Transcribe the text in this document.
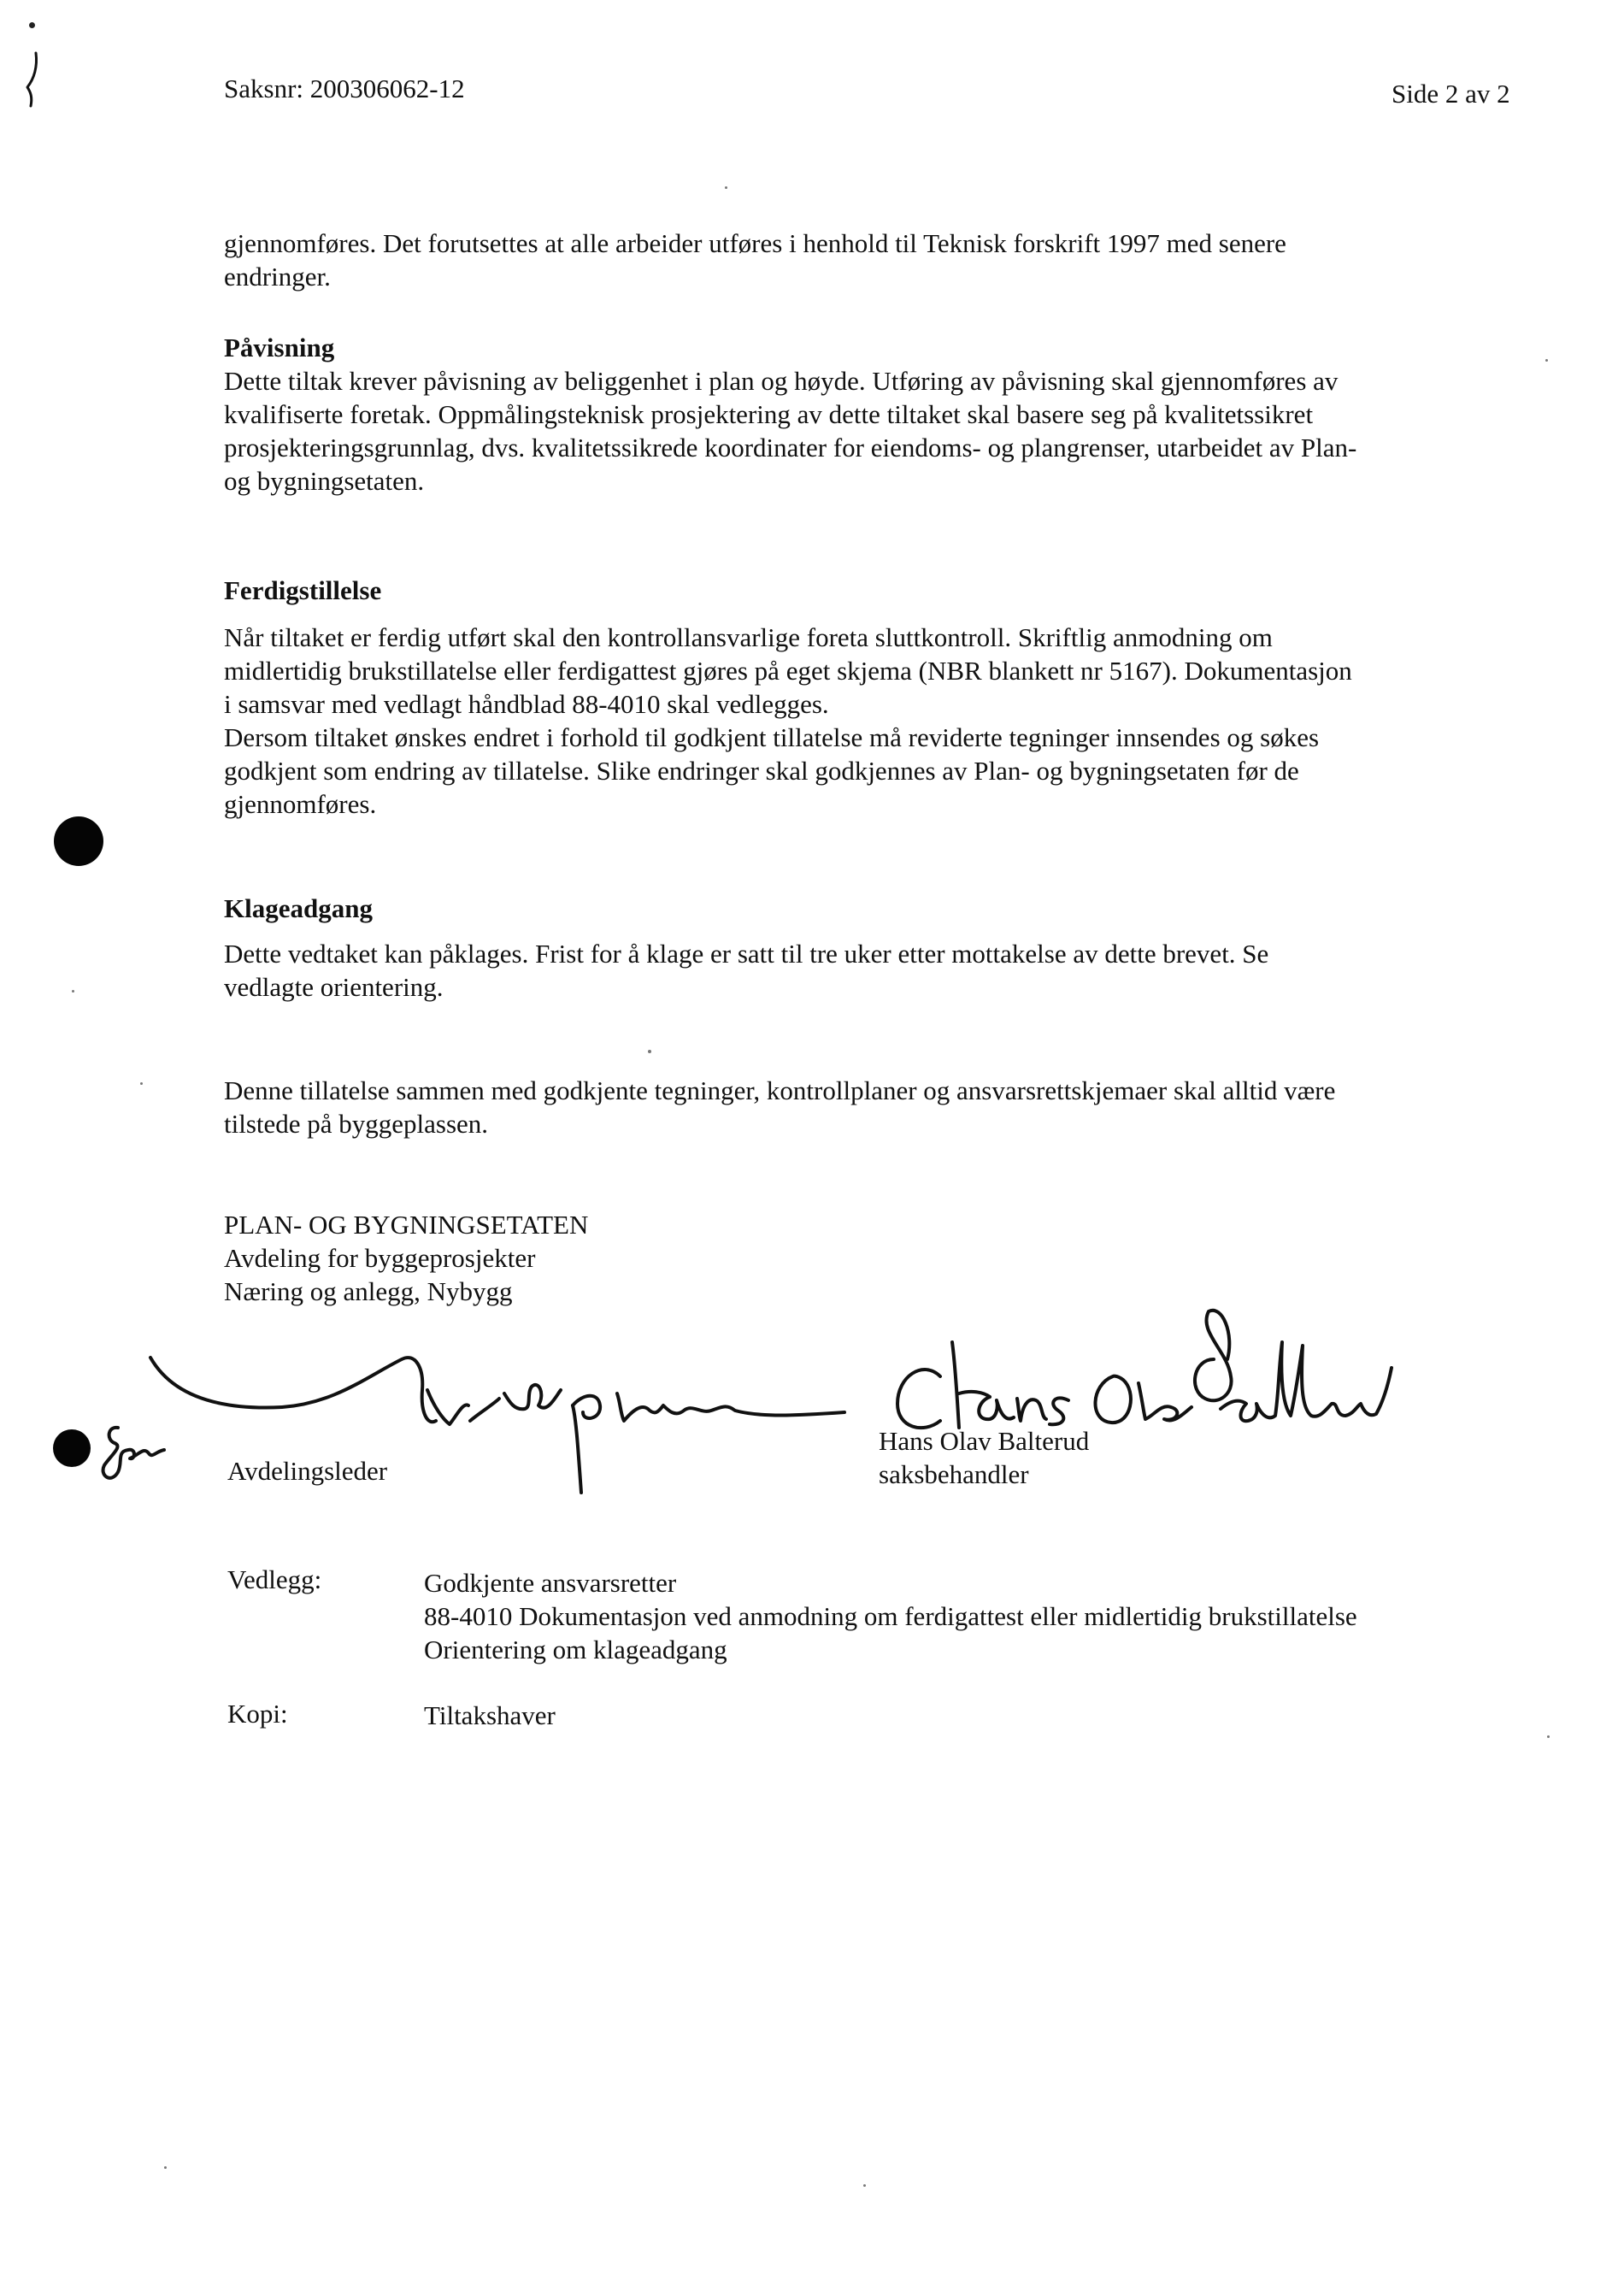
Saksnr: 200306062-12	Side 2 av 2
gjennomføres. Det forutsettes at alle arbeider utføres i henhold til Teknisk forskrift 1997 med senere
endringer.
Påvisning
Dette tiltak krever påvisning av beliggenhet i plan og høyde. Utføring av påvisning skal gjennomføres av
kvalifiserte foretak. Oppmålingsteknisk prosjektering av dette tiltaket skal basere seg på kvalitetssikret
prosjekteringsgrunnlag, dvs. kvalitetssikrede koordinater for eiendoms- og plangrenser, utarbeidet av Plan-
og bygningsetaten.
Ferdigstillelse
Når tiltaket er ferdig utført skal den kontrollansvarlige foreta sluttkontroll. Skriftlig anmodning om
midlertidig brukstillatelse eller ferdigattest gjøres på eget skjema (NBR blankett nr 5167). Dokumentasjon
i samsvar med vedlagt håndblad 88-4010 skal vedlegges.
Dersom tiltaket ønskes endret i forhold til godkjent tillatelse må reviderte tegninger innsendes og søkes
godkjent som endring av tillatelse. Slike endringer skal godkjennes av Plan- og bygningsetaten før de
gjennomføres.
Klageadgang
Dette vedtaket kan påklages. Frist for å klage er satt til tre uker etter mottakelse av dette brevet. Se
vedlagte orientering.
Denne tillatelse sammen med godkjente tegninger, kontrollplaner og ansvarsrettskjemaer skal alltid være
tilstede på byggeplassen.
PLAN- OG BYGNINGSETATEN
Avdeling for byggeprosjekter
Næring og anlegg, Nybygg
Avdelingsleder
Hans Olav Balterud
saksbehandler
Vedlegg:	Godkjente ansvarsretter
88-4010 Dokumentasjon ved anmodning om ferdigattest eller midlertidig brukstillatelse
Orientering om klageadgang
Kopi:	Tiltakshaver
